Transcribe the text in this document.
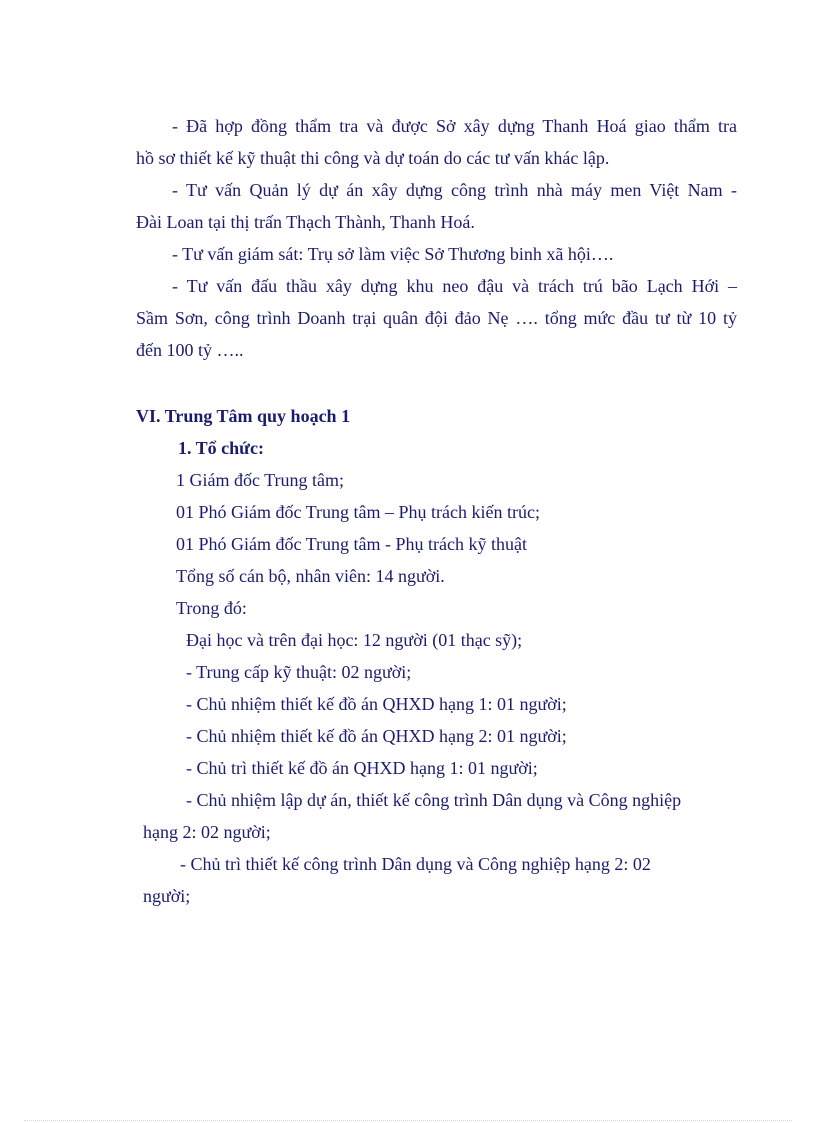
- Đã hợp đồng thẩm tra và được Sở xây dựng Thanh Hoá giao thẩm tra
hồ sơ thiết kế kỹ thuật thi công và dự toán do các tư vấn khác lập.
- Tư vấn Quản lý dự án xây dựng công trình nhà máy men Việt Nam -
Đài Loan tại thị trấn Thạch Thành, Thanh Hoá.
- Tư vấn giám sát: Trụ sở làm việc Sở Thương binh xã hội….
- Tư vấn đấu thầu xây dựng khu neo đậu và trách trú bão Lạch Hới –
Sầm Sơn, công trình Doanh trại quân đội đảo Nẹ …. tổng mức đầu tư từ 10 tỷ
đến 100 tỷ …..
VI. Trung Tâm quy hoạch 1
1. Tổ chức:
1 Giám đốc Trung tâm;
01 Phó Giám đốc Trung tâm – Phụ trách kiến trúc;
01 Phó Giám đốc Trung tâm - Phụ trách kỹ thuật
Tổng số cán bộ, nhân viên: 14 người.
Trong đó:
Đại học và trên đại học: 12 người (01 thạc sỹ);
- Trung cấp kỹ thuật: 02 người;
- Chủ nhiệm thiết kế đồ án QHXD hạng 1: 01 người;
- Chủ nhiệm thiết kế đồ án QHXD hạng 2: 01 người;
- Chủ trì thiết kế đồ án QHXD hạng 1: 01 người;
- Chủ nhiệm lập dự án, thiết kế công trình Dân dụng và Công nghiệp
hạng 2: 02 người;
- Chủ trì thiết kế công trình Dân dụng và Công nghiệp hạng 2: 02
người;
